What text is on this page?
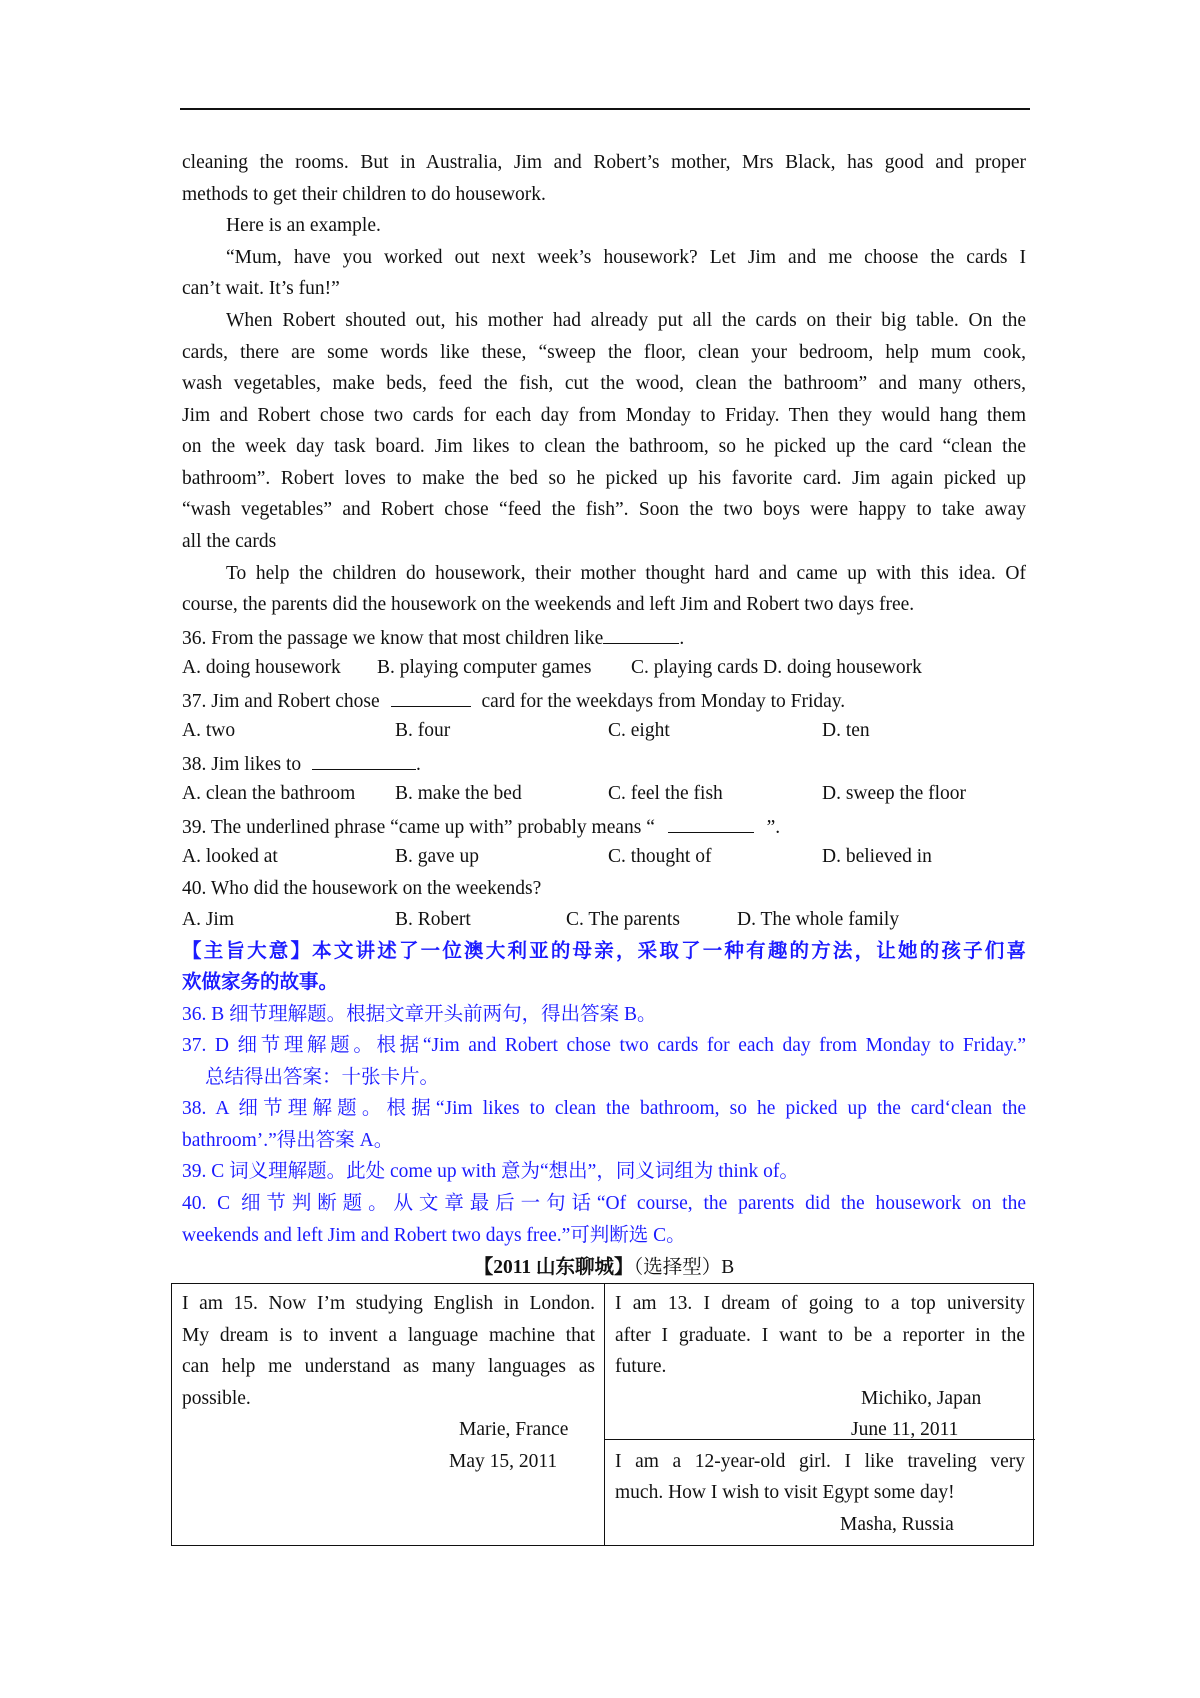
cleaning the rooms. But in Australia, Jim and Robert’s mother, Mrs Black, has good and proper
methods to get their children to do housework.
Here is an example.
“Mum, have you worked out next week’s housework? Let Jim and me choose the cards I
can’t wait. It’s fun!”
When Robert shouted out, his mother had already put all the cards on their big table. On the
cards, there are some words like these, “sweep the floor, clean your bedroom, help mum cook,
wash vegetables, make beds, feed the fish, cut the wood, clean the bathroom” and many others,
Jim and Robert chose two cards for each day from Monday to Friday. Then they would hang them
on the week day task board. Jim likes to clean the bathroom, so he picked up the card “clean the
bathroom”. Robert loves to make the bed so he picked up his favorite card. Jim again picked up
“wash vegetables” and Robert chose “feed the fish”. Soon the two boys were happy to take away
all the cards
To help the children do housework, their mother thought hard and came up with this idea. Of
course, the parents did the housework on the weekends and left Jim and Robert two days free.
36. From the passage we know that most children like	.
A. doing housework B. playing computer games C. playing cards D. doing housework
37. Jim and Robert chose	card for the weekdays from Monday to Friday.
A. two	B. four	C. eight	D. ten
38. Jim likes to	.
A. clean the bathroom B. make the bed	C. feel the fish	D. sweep the floor
39. The underlined phrase “came up with” probably means “	”.
A. looked at	B. gave up	C. thought of	D. believed in
40. Who did the housework on the weekends?
A. Jim	B. Robert	C. The parents	D. The whole family
【主旨大意】本文讲述了一位澳大利亚的母亲，采取了一种有趣的方法，让她的孩子们喜
欢做家务的故事。
36. B 细节理解题。根据文章开头前两句，得出答案 B。
37. D 细节理解题。根据“Jim and Robert chose two cards for each day from Monday to Friday.”
总结得出答案：十张卡片。
38. A 细节理解题。根据“Jim likes to clean the bathroom, so he picked up the card‘clean the
bathroom’.”得出答案 A。
39. C 词义理解题。此处 come up with 意为“想出”，同义词组为 think of。
40. C 细节判断题。从文章最后一句话“Of course, the parents did the housework on the
weekends and left Jim and Robert two days free.”可判断选 C。
【2011 山东聊城】（选择型）B
I am 15. Now I’m studying English in London.
My dream is to invent a language machine that
can help me understand as many languages as
possible.
Marie, France
May 15, 2011
I am 13. I dream of going to a top university
after I graduate. I want to be a reporter in the
future.
Michiko, Japan
June 11, 2011
I am a 12-year-old girl. I like traveling very
much. How I wish to visit Egypt some day!
Masha, Russia
